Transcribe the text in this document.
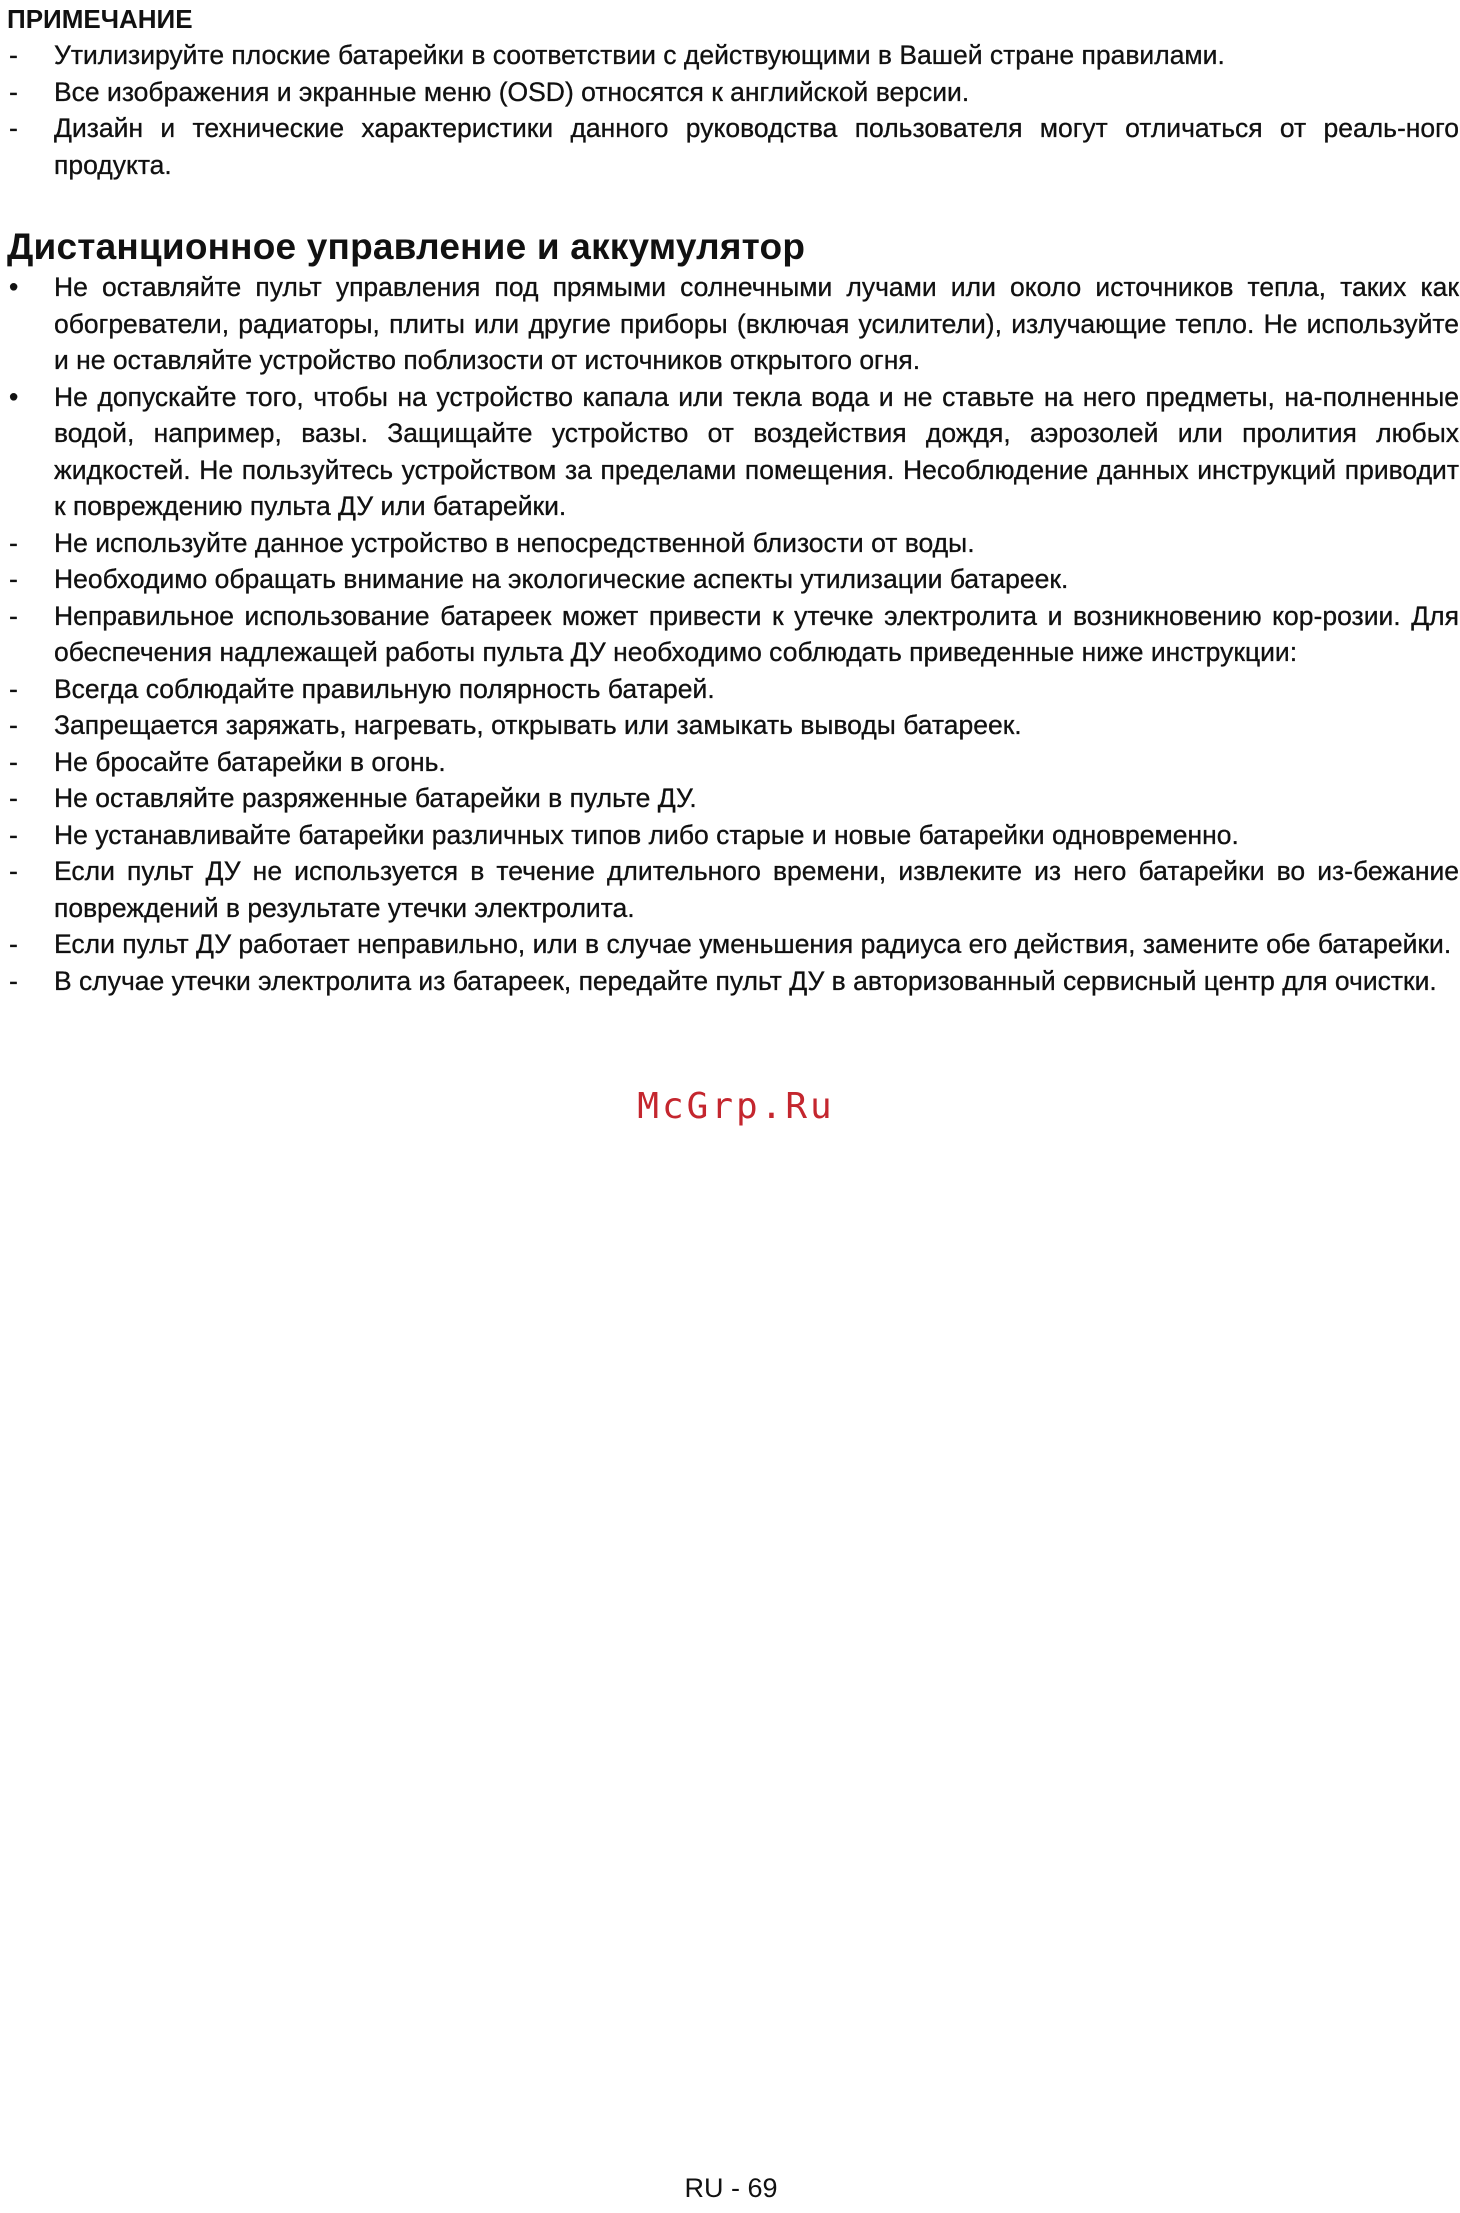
ПРИМЕЧАНИЕ
-	Утилизируйте плоские батарейки в соответствии с действующими в Вашей стране правилами.
-	Все изображения и экранные меню (OSD) относятся к английской версии.
-	Дизайн и технические характеристики данного руководства пользователя могут отличаться от реаль-ного продукта.
Дистанционное управление и аккумулятор
•	Не оставляйте пульт управления под прямыми солнечными лучами или около источников тепла, таких как обогреватели, радиаторы, плиты или другие приборы (включая усилители), излучающие тепло. Не используйте и не оставляйте устройство поблизости от источников открытого огня.
•	Не допускайте того, чтобы на устройство капала или текла вода и не ставьте на него предметы, на-полненные водой, например, вазы. Защищайте устройство от воздействия дождя, аэрозолей или пролития любых жидкостей. Не пользуйтесь устройством за пределами помещения. Несоблюдение данных инструкций приводит к повреждению пульта ДУ или батарейки.
-	Не используйте данное устройство в непосредственной близости от воды.
-	Необходимо обращать внимание на экологические аспекты утилизации батареек.
-	Неправильное использование батареек может привести к утечке электролита и возникновению кор-розии. Для обеспечения надлежащей работы пульта ДУ необходимо соблюдать приведенные ниже инструкции:
-	Всегда соблюдайте правильную полярность батарей.
-	Запрещается заряжать, нагревать, открывать или замыкать выводы батареек.
-	Не бросайте батарейки в огонь.
-	Не оставляйте разряженные батарейки в пульте ДУ.
-	Не устанавливайте батарейки различных типов либо старые и новые батарейки одновременно.
-	Если пульт ДУ не используется в течение длительного времени, извлеките из него батарейки во из-бежание повреждений в результате утечки электролита.
-	Если пульт ДУ работает неправильно, или в случае уменьшения радиуса его действия, замените обе батарейки.
-	В случае утечки электролита из батареек, передайте пульт ДУ в авторизованный сервисный центр для очистки.
McGrp.Ru
RU - 69
